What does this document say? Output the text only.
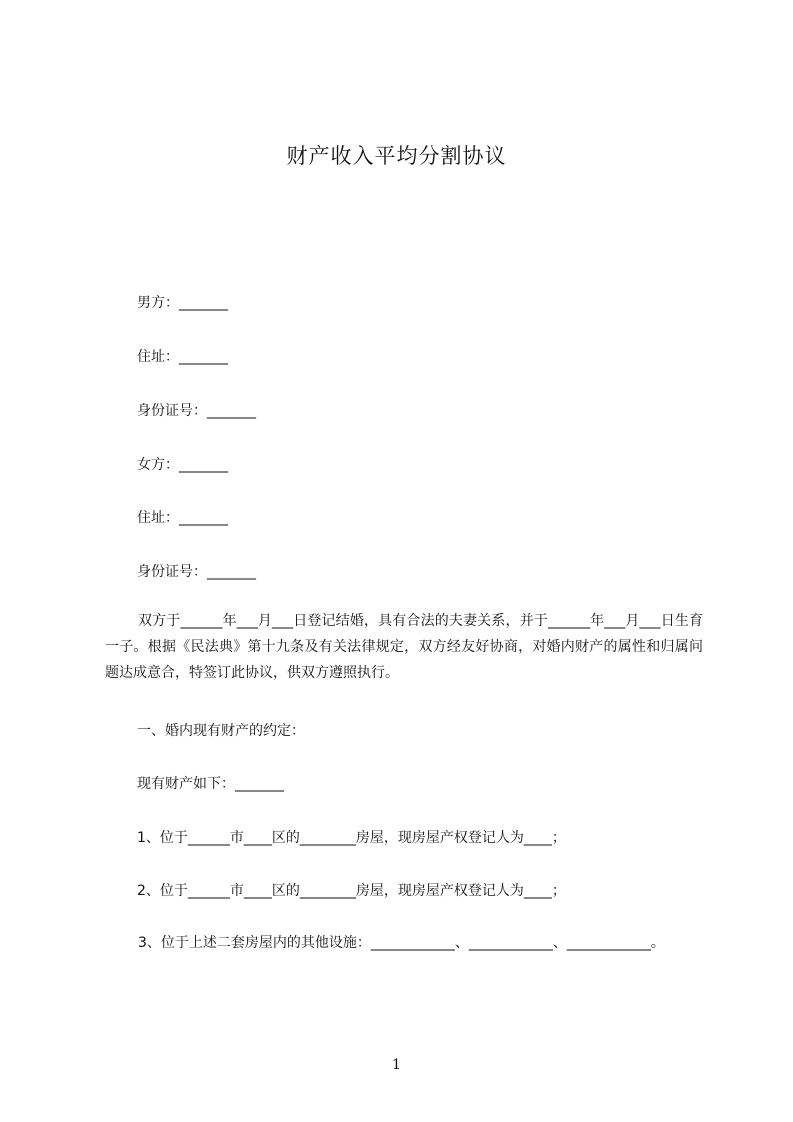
财产收入平均分割协议
男方：_______
住址：_______
身份证号：_______
女方：_______
住址：_______
身份证号：_______

双方于______年___月___日登记结婚，具有合法的夫妻关系，并于______年___月___日生育一子。根据《民法典》第十九条及有关法律规定，双方经友好协商，对婚内财产的属性和归属问题达成意合，特签订此协议，供双方遵照执行。

一、婚内现有财产的约定：
现有财产如下：_______
1、位于______市____区的________房屋，现房屋产权登记人为____；
2、位于______市____区的________房屋，现房屋产权登记人为____；

3、位于上述二套房屋内的其他设施：____________、____________、____________。

1
